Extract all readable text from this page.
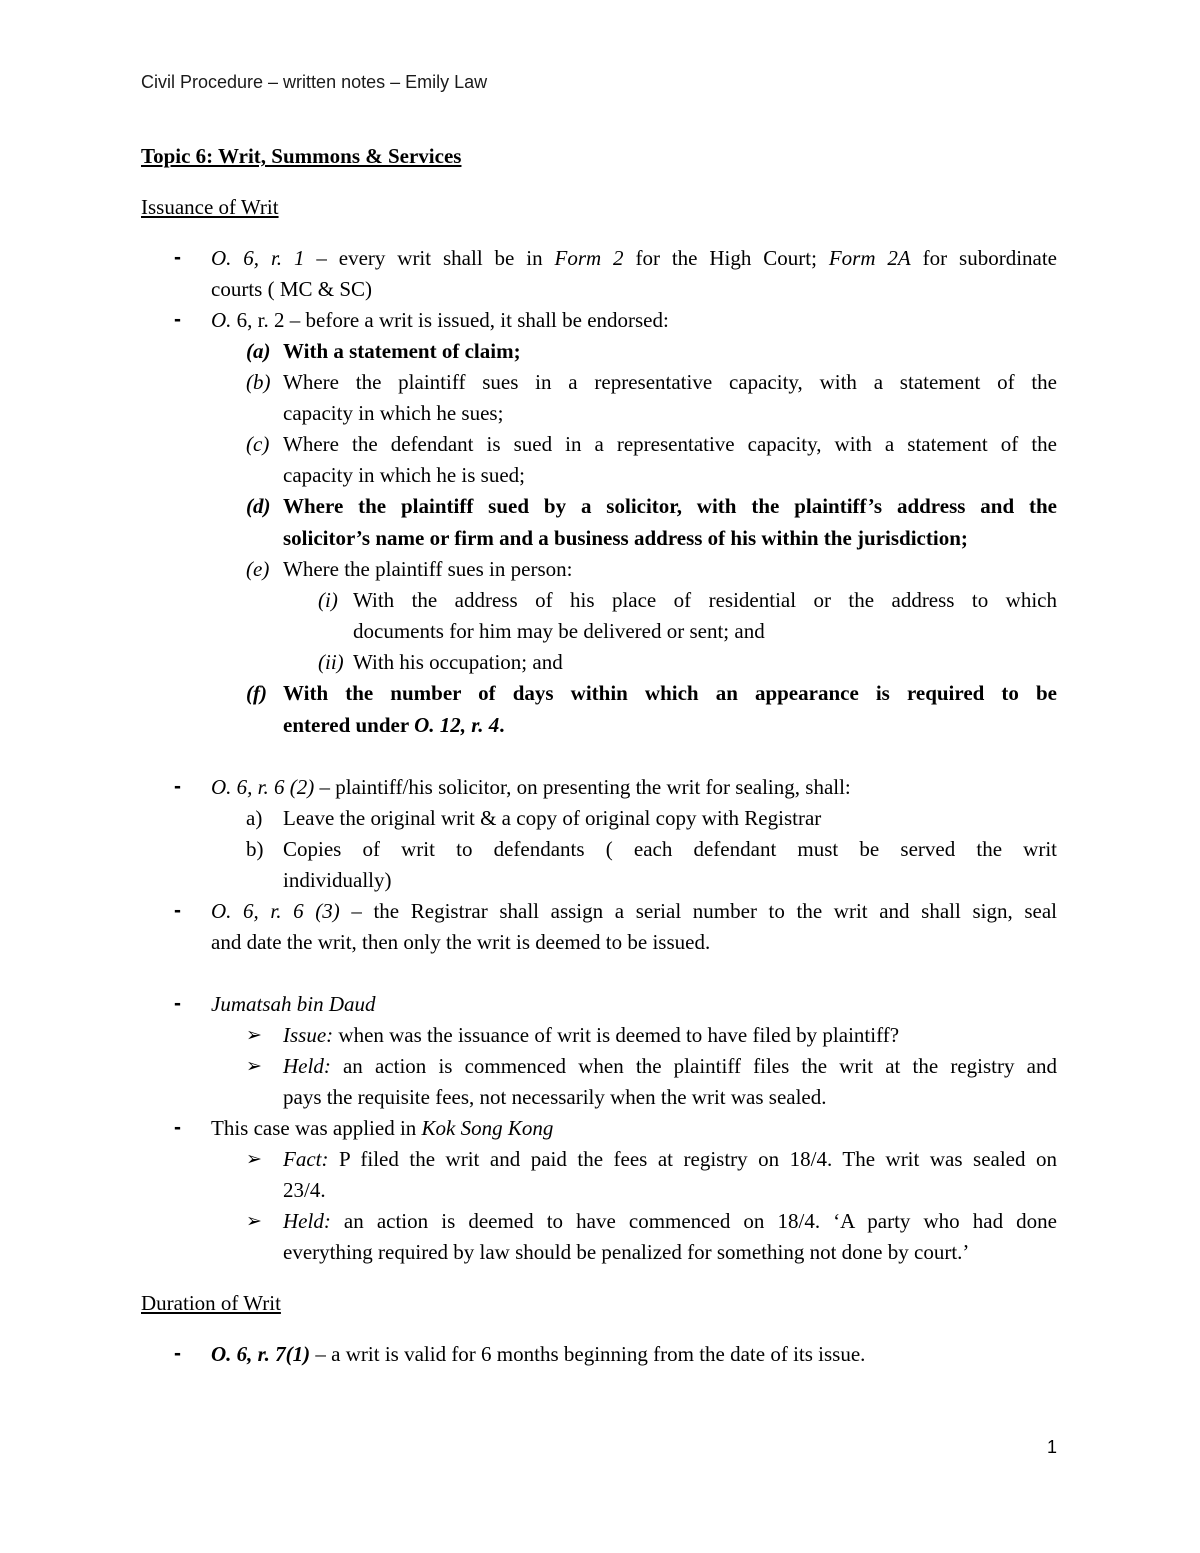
Civil Procedure – written notes – Emily Law
Topic 6: Writ, Summons & Services
Issuance of Writ
- O. 6, r. 1 – every writ shall be in Form 2 for the High Court; Form 2A for subordinate
courts ( MC & SC)
- O. 6, r. 2 – before a writ is issued, it shall be endorsed:
(a) With a statement of claim;
(b) Where the plaintiff sues in a representative capacity, with a statement of the
capacity in which he sues;
(c) Where the defendant is sued in a representative capacity, with a statement of the
capacity in which he is sued;
(d) Where the plaintiff sued by a solicitor, with the plaintiff’s address and the
solicitor’s name or firm and a business address of his within the jurisdiction;
(e) Where the plaintiff sues in person:
(i) With the address of his place of residential or the address to which
documents for him may be delivered or sent; and
(ii) With his occupation; and
(f) With the number of days within which an appearance is required to be
entered under O. 12, r. 4.
- O. 6, r. 6 (2) – plaintiff/his solicitor, on presenting the writ for sealing, shall:
a) Leave the original writ & a copy of original copy with Registrar
b) Copies of writ to defendants ( each defendant must be served the writ
individually)
- O. 6, r. 6 (3) – the Registrar shall assign a serial number to the writ and shall sign, seal
and date the writ, then only the writ is deemed to be issued.
- Jumatsah bin Daud
➢ Issue: when was the issuance of writ is deemed to have filed by plaintiff?
➢ Held: an action is commenced when the plaintiff files the writ at the registry and
pays the requisite fees, not necessarily when the writ was sealed.
- This case was applied in Kok Song Kong
➢ Fact: P filed the writ and paid the fees at registry on 18/4. The writ was sealed on
23/4.
➢ Held: an action is deemed to have commenced on 18/4. ‘A party who had done
everything required by law should be penalized for something not done by court.’
Duration of Writ
- O. 6, r. 7(1) – a writ is valid for 6 months beginning from the date of its issue.
1
